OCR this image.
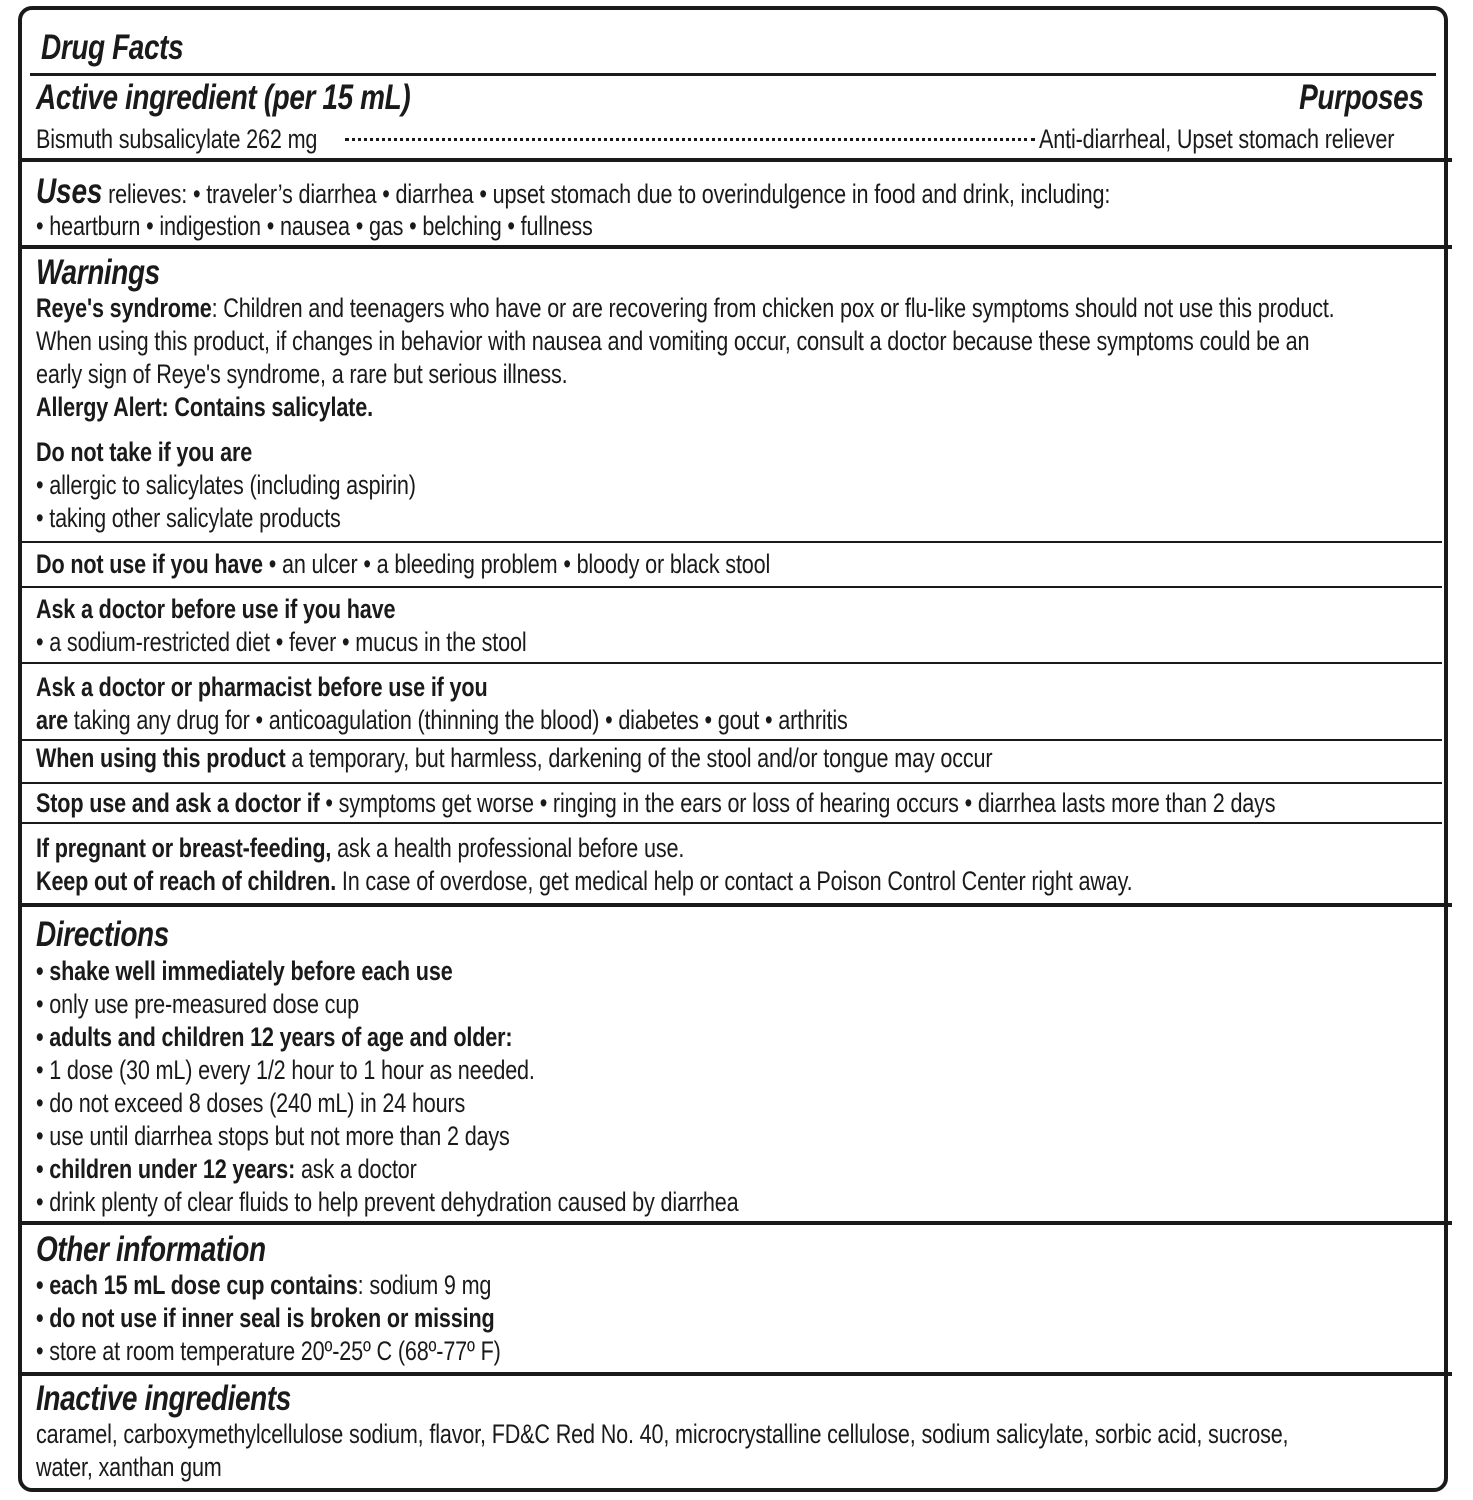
Drug Facts
Active ingredient (per 15 mL)	Purposes
Bismuth subsalicylate 262 mg	Anti-diarrheal, Upset stomach reliever
Uses relieves: • traveler’s diarrhea • diarrhea • upset stomach due to overindulgence in food and drink, including:
• heartburn • indigestion • nausea • gas • belching • fullness
Warnings
Reye's syndrome: Children and teenagers who have or are recovering from chicken pox or flu-like symptoms should not use this product.
When using this product, if changes in behavior with nausea and vomiting occur, consult a doctor because these symptoms could be an
early sign of Reye's syndrome, a rare but serious illness.
Allergy Alert: Contains salicylate.
Do not take if you are
• allergic to salicylates (including aspirin)
• taking other salicylate products
Do not use if you have • an ulcer • a bleeding problem • bloody or black stool
Ask a doctor before use if you have
• a sodium-restricted diet • fever • mucus in the stool
Ask a doctor or pharmacist before use if you
are taking any drug for • anticoagulation (thinning the blood) • diabetes • gout • arthritis
When using this product a temporary, but harmless, darkening of the stool and/or tongue may occur
Stop use and ask a doctor if • symptoms get worse • ringing in the ears or loss of hearing occurs • diarrhea lasts more than 2 days
If pregnant or breast-feeding, ask a health professional before use.
Keep out of reach of children. In case of overdose, get medical help or contact a Poison Control Center right away.
Directions
• shake well immediately before each use
• only use pre-measured dose cup
• adults and children 12 years of age and older:
• 1 dose (30 mL) every 1/2 hour to 1 hour as needed.
• do not exceed 8 doses (240 mL) in 24 hours
• use until diarrhea stops but not more than 2 days
• children under 12 years: ask a doctor
• drink plenty of clear fluids to help prevent dehydration caused by diarrhea
Other information
• each 15 mL dose cup contains: sodium 9 mg
• do not use if inner seal is broken or missing
• store at room temperature 20º-25º C (68º-77º F)
Inactive ingredients
caramel, carboxymethylcellulose sodium, flavor, FD&C Red No. 40, microcrystalline cellulose, sodium salicylate, sorbic acid, sucrose,
water, xanthan gum
